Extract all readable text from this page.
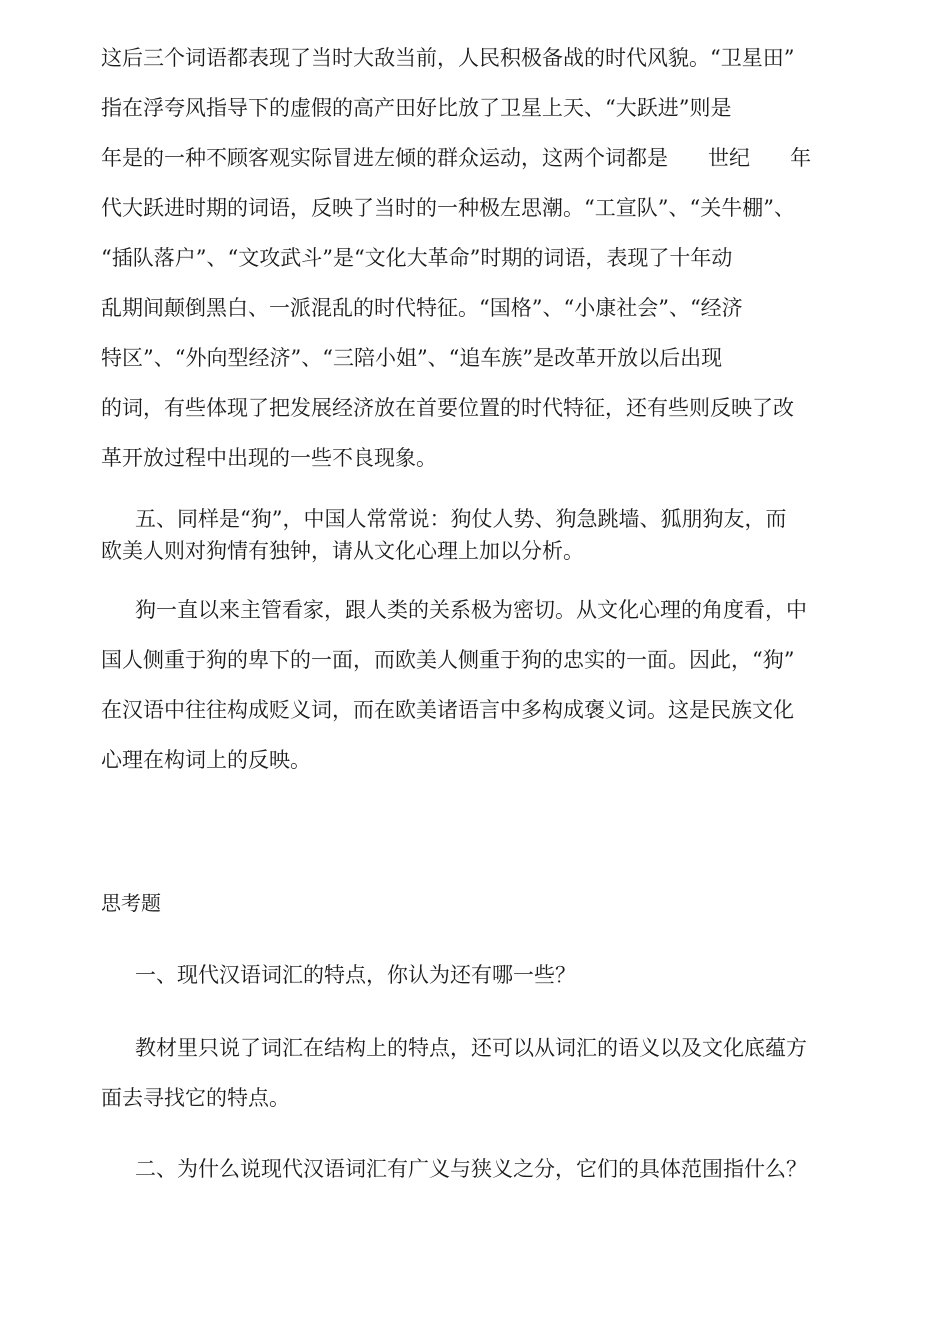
这后三个词语都表现了当时大敌当前，人民积极备战的时代风貌。“卫星田”

指在浮夸风指导下的虚假的高产田好比放了卫星上天、“大跃进”则是

年是的一种不顾客观实际冒进左倾的群众运动，这两个词都是      世纪      年

代大跃进时期的词语，反映了当时的一种极左思潮。“工宣队”、“关牛棚”、

“插队落户”、“文攻武斗”是“文化大革命”时期的词语，表现了十年动

乱期间颠倒黑白、一派混乱的时代特征。“国格”、“小康社会”、“经济

特区”、“外向型经济”、“三陪小姐”、“追车族”是改革开放以后出现

的词，有些体现了把发展经济放在首要位置的时代特征，还有些则反映了改

革开放过程中出现的一些不良现象。

五、同样是“狗”，中国人常常说：狗仗人势、狗急跳墙、狐朋狗友，而

欧美人则对狗情有独钟，请从文化心理上加以分析。

狗一直以来主管看家，跟人类的关系极为密切。从文化心理的角度看，中

国人侧重于狗的卑下的一面，而欧美人侧重于狗的忠实的一面。因此，“狗”

在汉语中往往构成贬义词，而在欧美诸语言中多构成褒义词。这是民族文化

心理在构词上的反映。

思考题

一、现代汉语词汇的特点，你认为还有哪一些？

教材里只说了词汇在结构上的特点，还可以从词汇的语义以及文化底蕴方

面去寻找它的特点。

二、为什么说现代汉语词汇有广义与狭义之分，它们的具体范围指什么？
